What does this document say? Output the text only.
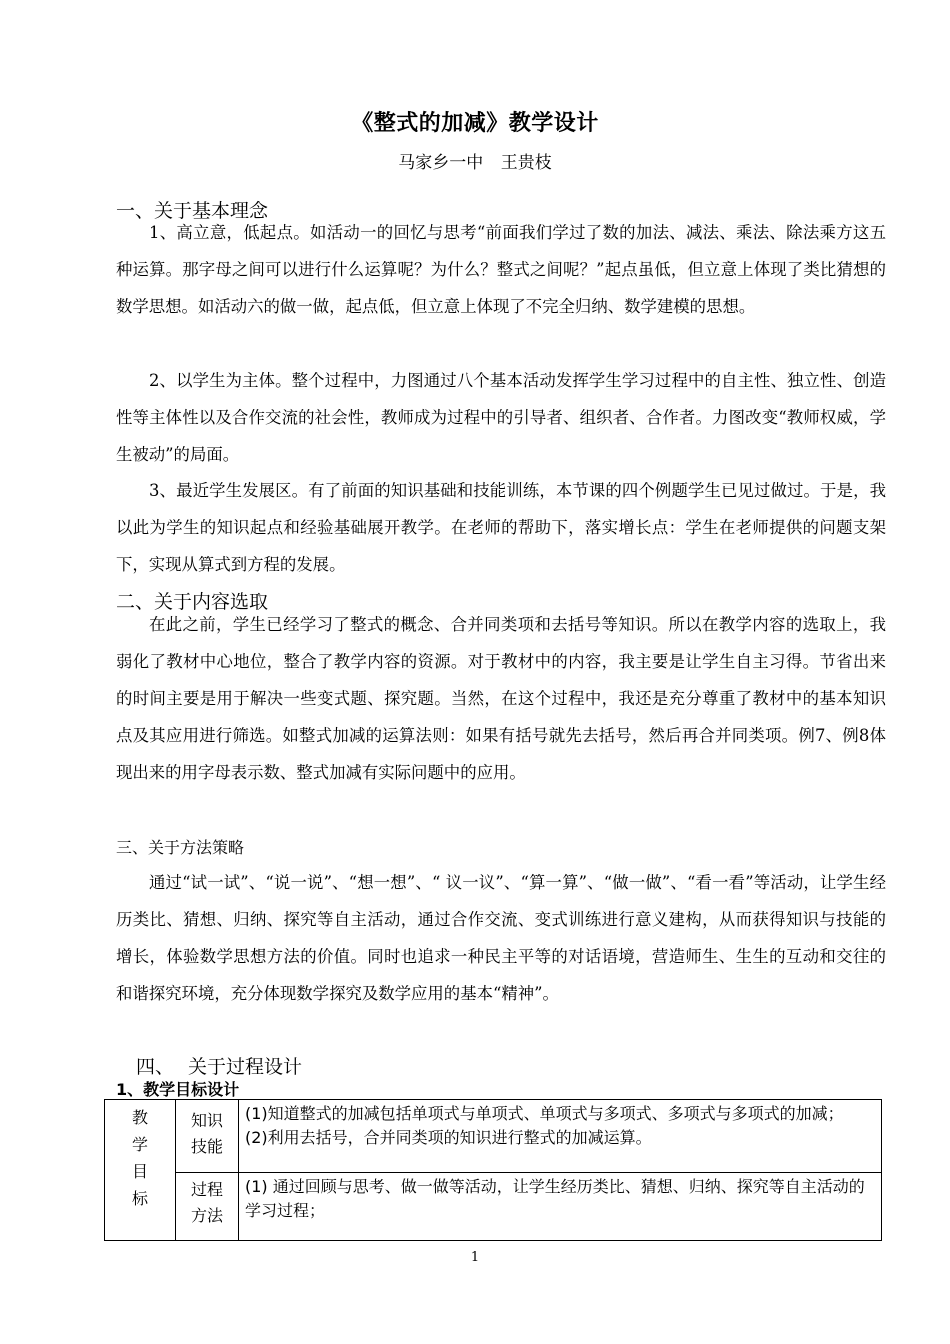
《整式的加减》教学设计
马家乡一中 王贵枝
一、关于基本理念

1、高立意，低起点。如活动一的回忆与思考“前面我们学过了数的加法、减法、乘法、除法乘方这五种运算。那字母之间可以进行什么运算呢？为什么？整式之间呢？”起点虽低，但立意上体现了类比猜想的数学思想。如活动六的做一做，起点低，但立意上体现了不完全归纳、数学建模的思想。

2、以学生为主体。整个过程中，力图通过八个基本活动发挥学生学习过程中的自主性、独立性、创造性等主体性以及合作交流的社会性，教师成为过程中的引导者、组织者、合作者。力图改变“教师权威，学生被动”的局面。

3、最近学生发展区。有了前面的知识基础和技能训练，本节课的四个例题学生已见过做过。于是，我以此为学生的知识起点和经验基础展开教学。在老师的帮助下，落实增长点：学生在老师提供的问题支架下，实现从算式到方程的发展。

二、关于内容选取

在此之前，学生已经学习了整式的概念、合并同类项和去括号等知识。所以在教学内容的选取上，我弱化了教材中心地位，整合了教学内容的资源。对于教材中的内容，我主要是让学生自主习得。节省出来的时间主要是用于解决一些变式题、探究题。当然，在这个过程中，我还是充分尊重了教材中的基本知识点及其应用进行筛选。如整式加减的运算法则：如果有括号就先去括号，然后再合并同类项。例7、例8体现出来的用字母表示数、整式加减有实际问题中的应用。

三、关于方法策略

通过“试一试”、“说一说”、“想一想”、“ 议一议”、“算一算”、“做一做”、“看一看”等活动，让学生经历类比、猜想、归纳、探究等自主活动，通过合作交流、变式训练进行意义建构，从而获得知识与技能的增长，体验数学思想方法的价值。同时也追求一种民主平等的对话语境，营造师生、生生的互动和交往的和谐探究环境，充分体现数学探究及数学应用的基本“精神”。

四、 关于过程设计
1、教学目标设计
教学目标	知识技能	(1)知道整式的加减包括单项式与单项式、单项式与多项式、多项式与多项式的加减；
(2)利用去括号，合并同类项的知识进行整式的加减运算。

	过程方法	(1) 通过回顾与思考、做一做等活动，让学生经历类比、猜想、归纳、探究等自主活动的学习过程；
1
